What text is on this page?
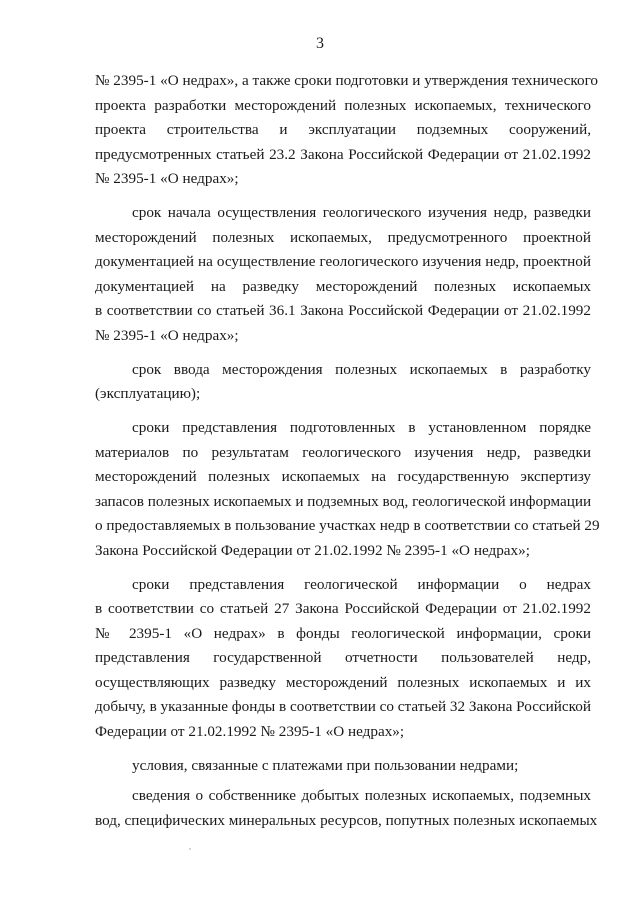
3
№ 2395-1 «О недрах», а также сроки подготовки и утверждения технического
проекта разработки месторождений полезных ископаемых, технического
проекта строительства и эксплуатации подземных сооружений,
предусмотренных статьей 23.2 Закона Российской Федерации от 21.02.1992
№ 2395-1 «О недрах»;
срок начала осуществления геологического изучения недр, разведки
месторождений полезных ископаемых, предусмотренного проектной
документацией на осуществление геологического изучения недр, проектной
документацией на разведку месторождений полезных ископаемых
в соответствии со статьей 36.1 Закона Российской Федерации от 21.02.1992
№ 2395-1 «О недрах»;
срок ввода месторождения полезных ископаемых в разработку
(эксплуатацию);
сроки представления подготовленных в установленном порядке
материалов по результатам геологического изучения недр, разведки
месторождений полезных ископаемых на государственную экспертизу
запасов полезных ископаемых и подземных вод, геологической информации
о предоставляемых в пользование участках недр в соответствии со статьей 29
Закона Российской Федерации от 21.02.1992 № 2395-1 «О недрах»;
сроки представления геологической информации о недрах
в соответствии со статьей 27 Закона Российской Федерации от 21.02.1992
№ 2395-1 «О недрах» в фонды геологической информации, сроки
представления государственной отчетности пользователей недр,
осуществляющих разведку месторождений полезных ископаемых и их
добычу, в указанные фонды в соответствии со статьей 32 Закона Российской
Федерации от 21.02.1992 № 2395-1 «О недрах»;
условия, связанные с платежами при пользовании недрами;
сведения о собственнике добытых полезных ископаемых, подземных
вод, специфических минеральных ресурсов, попутных полезных ископаемых
